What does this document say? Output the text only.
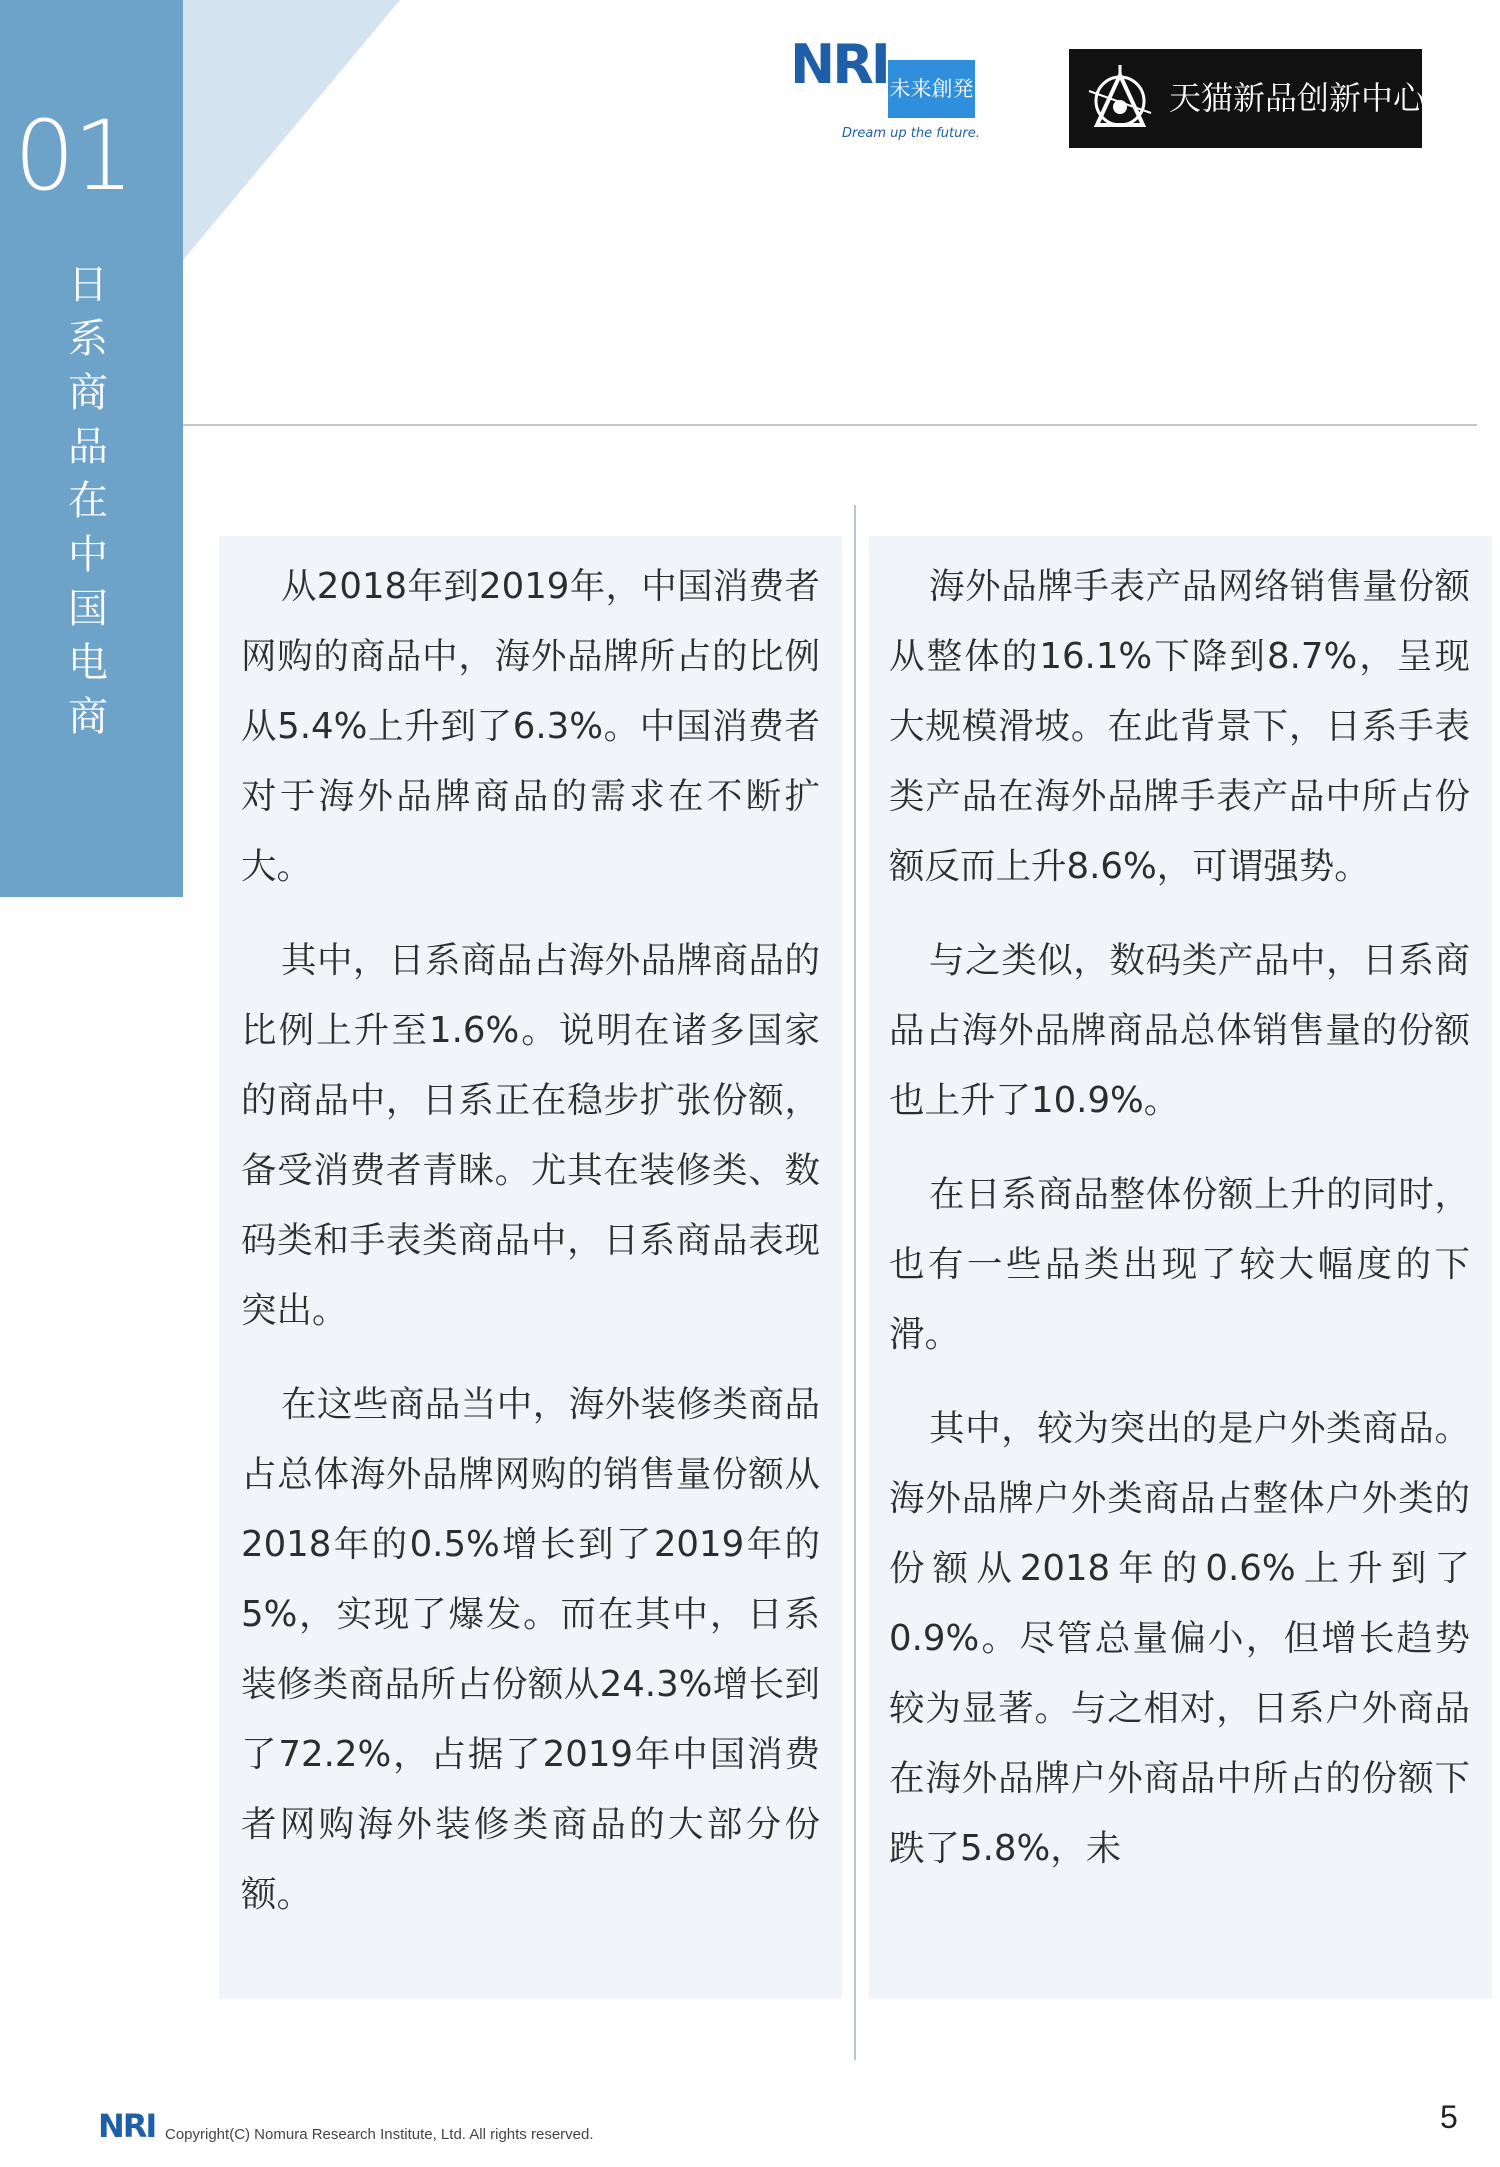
01
日
系
商
品
在
中
国
电
商
NRI 未来創発
Dream up the future.
天猫新品创新中心

从2018年到2019年，中国消费者网购的商品中，海外品牌所占的比例从5.4%上升到了6.3%。中国消费者对于海外品牌商品的需求在不断扩大。

其中，日系商品占海外品牌商品的比例上升至1.6%。说明在诸多国家的商品中，日系正在稳步扩张份额，备受消费者青睐。尤其在装修类、数码类和手表类商品中，日系商品表现突出。

在这些商品当中，海外装修类商品占总体海外品牌网购的销售量份额从2018年的0.5%增长到了2019年的5%，实现了爆发。而在其中，日系装修类商品所占份额从24.3%增长到了72.2%，占据了2019年中国消费者网购海外装修类商品的大部分份额。

海外品牌手表产品网络销售量份额从整体的16.1%下降到8.7%，呈现大规模滑坡。在此背景下，日系手表类产品在海外品牌手表产品中所占份额反而上升8.6%，可谓强势。

与之类似，数码类产品中，日系商品占海外品牌商品总体销售量的份额也上升了10.9%。

在日系商品整体份额上升的同时，也有一些品类出现了较大幅度的下滑。

其中，较为突出的是户外类商品。海外品牌户外类商品占整体户外类的份额从2018年的0.6%上升到了0.9%。尽管总量偏小，但增长趋势较为显著。与之相对，日系户外商品在海外品牌户外商品中所占的份额下跌了5.8%，未

NRI Copyright(C) Nomura Research Institute, Ltd. All rights reserved.	5
